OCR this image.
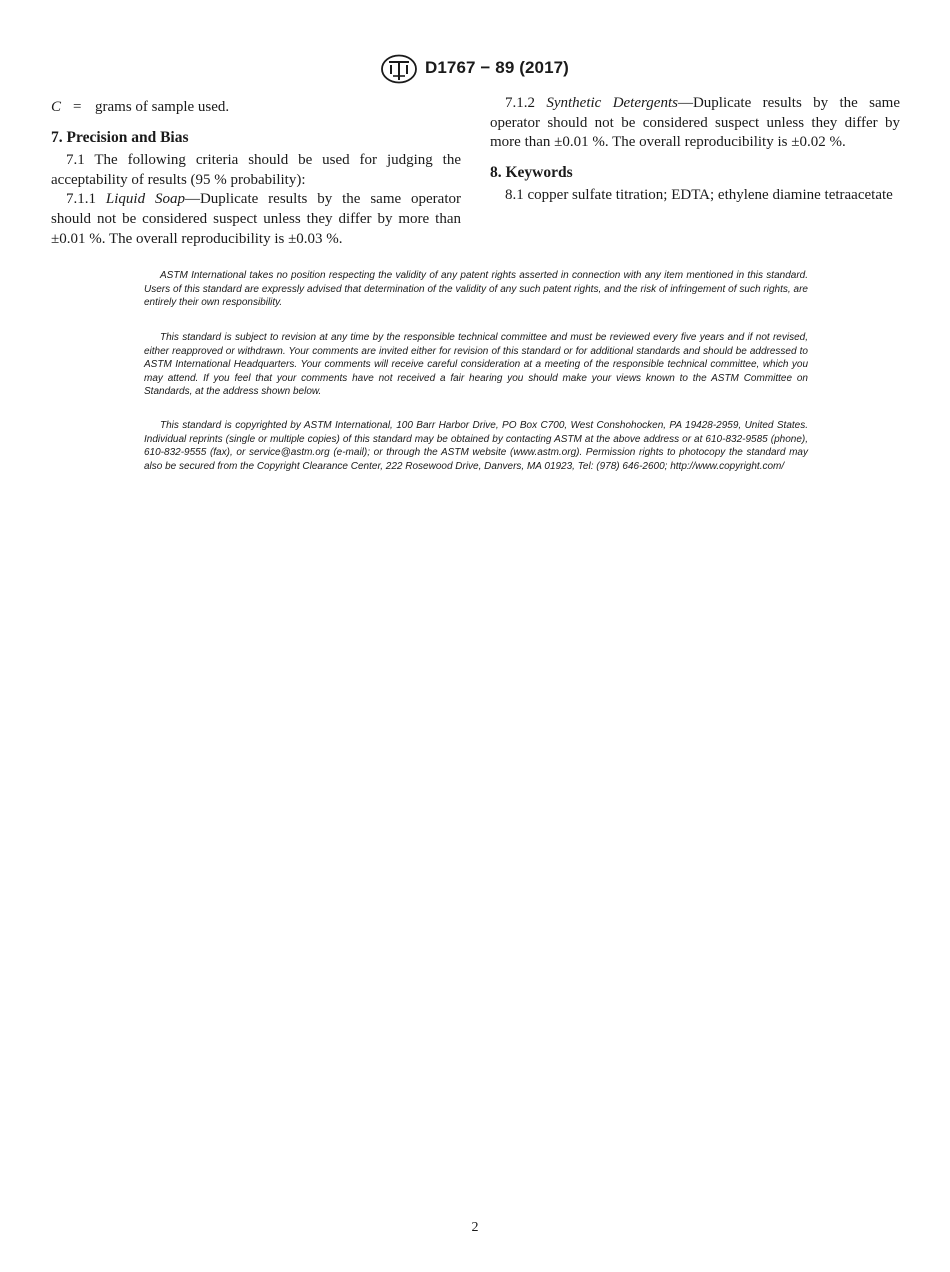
D1767 − 89 (2017)
C = grams of sample used.

7. Precision and Bias

7.1 The following criteria should be used for judging the acceptability of results (95 % probability):

7.1.1 Liquid Soap—Duplicate results by the same operator should not be considered suspect unless they differ by more than ±0.01 %. The overall reproducibility is ±0.03 %.

7.1.2 Synthetic Detergents—Duplicate results by the same operator should not be considered suspect unless they differ by more than ±0.01 %. The overall reproducibility is ±0.02 %.

8. Keywords

8.1 copper sulfate titration; EDTA; ethylene diamine tetraacetate

ASTM International takes no position respecting the validity of any patent rights asserted in connection with any item mentioned in this standard. Users of this standard are expressly advised that determination of the validity of any such patent rights, and the risk of infringement of such rights, are entirely their own responsibility.

This standard is subject to revision at any time by the responsible technical committee and must be reviewed every five years and if not revised, either reapproved or withdrawn. Your comments are invited either for revision of this standard or for additional standards and should be addressed to ASTM International Headquarters. Your comments will receive careful consideration at a meeting of the responsible technical committee, which you may attend. If you feel that your comments have not received a fair hearing you should make your views known to the ASTM Committee on Standards, at the address shown below.

This standard is copyrighted by ASTM International, 100 Barr Harbor Drive, PO Box C700, West Conshohocken, PA 19428-2959, United States. Individual reprints (single or multiple copies) of this standard may be obtained by contacting ASTM at the above address or at 610-832-9585 (phone), 610-832-9555 (fax), or service@astm.org (e-mail); or through the ASTM website (www.astm.org). Permission rights to photocopy the standard may also be secured from the Copyright Clearance Center, 222 Rosewood Drive, Danvers, MA 01923, Tel: (978) 646-2600; http://www.copyright.com/

2
